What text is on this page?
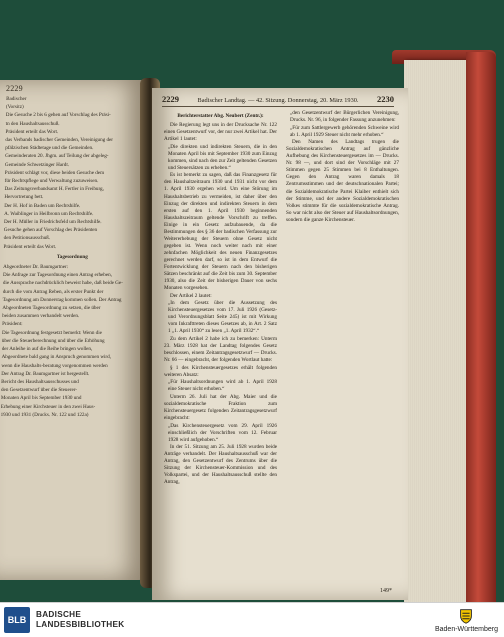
2229

Badischer

(Vorsitz)

Die Gesuche 2 bis 6 gehen auf Vorschlag des Präsi-

tn den Haushaltsausschuß.

Präsident erteilt das Wort.

das Verbands badischer Gemeinden, Vereinigung der

pfälzischen Städtetage und die Gemeinden.

Gemeinderaten 20. Jhgm. auf Teilung der abgeleg-

Gemeinde Schwetzinger Hardt.

Präsident schlägt vor, diese beiden Gesuche dem

für Rechtspflege und Verwaltung zuzuweisen.

Das Zeitungsverbandsamt H. Fertler in Freiburg,

Hervortretung bett.

Der H. Hof in Baden um Rechtshilfe.

A. Waiblinger in Heilbronn um Rechtshilfe.

Der H. Müller in Friedrichsfeld um Rechtshilfe.

Gesuche gehen auf Vorschlag des Präsidenten

den Petitionsausschuß.

Präsident erteilt das Wort.

Tagesordnung

Abgeordneter Dr. Baumgartner:

Die Anfrage zur Tagesordnung einen Antrag erheben,

die Aussprache nachdrücklich beweist habe, daß beide Ge-

durch die vom Antrag Reben, als erster Punkt der

Tagesordnung am Donnerstag kommen sollen. Der Antrag

Abgeordneten Tagesordnung zu setzen, die über

beiden zusammen verhandelt werden.

Präsident:

Die Tagesordnung festgesetzt bemerkt: Wenn die

über die Steuerberechnung und über die Erhöhung

der Anleihe in auf die Reihe bringen wollen,

Abgeordnete bald gang in Anspruch genommen wird,

wenn die Haushalts-beratung vorgenommen werden

Der Antrag Dr. Baumgartner ist hergestellt.

Bericht des Haushaltsausschusses und

den Gesetzentwurf über die Steuerer-

Monaten April bis September 1930 und

Erhebung einer Kirchsteuer in den zwei Haus-

1930 und 1931 (Drucks. Nr. 122 und 122a)

2229	Badischer Landtag. — 42. Sitzung. Donnerstag, 20. März 1930. 2230

Berichterstatter Abg. Neubert (Zentr.):

Die Regierung legt uns in der Drucksache Nr. 122 einen Gesetzentwurf vor, der nur zwei Artikel hat. Der Artikel 1 lautet:

„Die direkten und indirekten Steuern, die in den Monaten April bis mit September 1930 zum Einzug kommen, sind nach den zur Zeit geltenden Gesetzen und Steuersätzen zu erheben.“

Es ist bemerkt zu sagen, daß das Finanzgesetz für den Haushaltzeitraum 1930 und 1931 nicht vor dem 1. April 1930 ergehen wird. Um eine Störung im Haushaltsbetrieb zu vermeiden, ist daher über den Einzug der direkten und indirekten Steuern in dem ersten auf den 1. April 1930 beginnenden Haushaltszeitraum geltende Vorschrift zu treffen. Einige in ein Gesetz aufzubauende, da die Bestimmungen des § 36 der badischen Verfassung zur Weitererhebung der Steuern ohne Gesetz nicht gegeben ist. Wenn noch weiter nach mit einer zehnfachen Möglichkeit des neuen Finanzgesetzes gerechnet werden darf, so ist in dem Entwurf die Fortentwicklung der Steuern nach den bisherigen Sätzen beschränkt auf die Zeit bis zum 30. September 1930, also die Zeit der bisherigen Dauer von sechs Monaten vorgesehen.

Der Artikel 2 lautet:

„In dem Gesetz über die Aussetzung des Kirchensteuergesetzes vom 17. Juli 1926 (Gesetz- und Verordnungsblatt Seite 245) ist mit Wirkung vom Inkrafttreten dieses Gesetzes ab, in Art. 2 Satz 1 „1. April 1930“ zu lesen „1. April 1932“.“

Zu dem Artikel 2 habe ich zu bemerken: Unterm 23. März 1928 hat der Landtag folgendes Gesetz beschlossen, einem Zeitantragsgesetzwurf — Drucks. Nr. 66 — eingebracht, der folgenden Wortlaut hatte:

§ 1 des Kirchensteuergesetzes erhält folgenden weiteren Absatz:

„Für Haushaltsordnungen wird ab 1. April 1928 eine Steuer nicht erhoben.“

Unterm 26. Juli hat der Abg. Maier und die sozialdemokratische Fraktion zum Kirchensteuergesetz folgenden Zeitantragsgesetzwurf eingebracht:

„Das Kirchensteuergesetz vom 29. April 1926 einschließlich der Vorschriften vom 12. Februar 1928 wird aufgehoben.“

In der 51. Sitzung am 25. Juli 1928 wurden beide Anträge verhandelt. Der Haushaltsausschuß war der Antrag, den Gesetzentwurf des Zentrums über die Sitzung der Kirchensteuer-Kommission und des Volkspartei, und der Haushaltsausschuß stellte den Antrag,

„den Gesetzentwurf der Bürgerlichen Vereinigung, Drucks. Nr. 96, in folgender Fassung anzunehmen:

„Für zum Sattlergewerb gehörenden Schweine wird ab 1. April 1929 Steuer nicht mehr erhoben.“

Den Namen des Landtags trugen die Sozialdemokratischen Antrag auf gänzliche Aufhebung des Kirchensteuergesetzes im — Drucks. Nr. 98 —, und dort sind der Vorschläge mit 27 Stimmen gegen 25 Stimmen bei 8 Enthaltungen. Gegen den Antrag waren damals 18 Zentrumsstimmen und der deutschnationalen Partei; die Sozialdemokratische Partei Klaiber enthielt sich der Stimme, und der andere Sozialdemokratischen Volkes stimmte für die sozialdemokratische Antrag. So war nicht also der Steuer auf Haushaltsordnungen, sondern die ganze Kirchensteuer.

149*
BLB
BADISCHE
LANDESBIBLIOTHEK
Baden-Württemberg
